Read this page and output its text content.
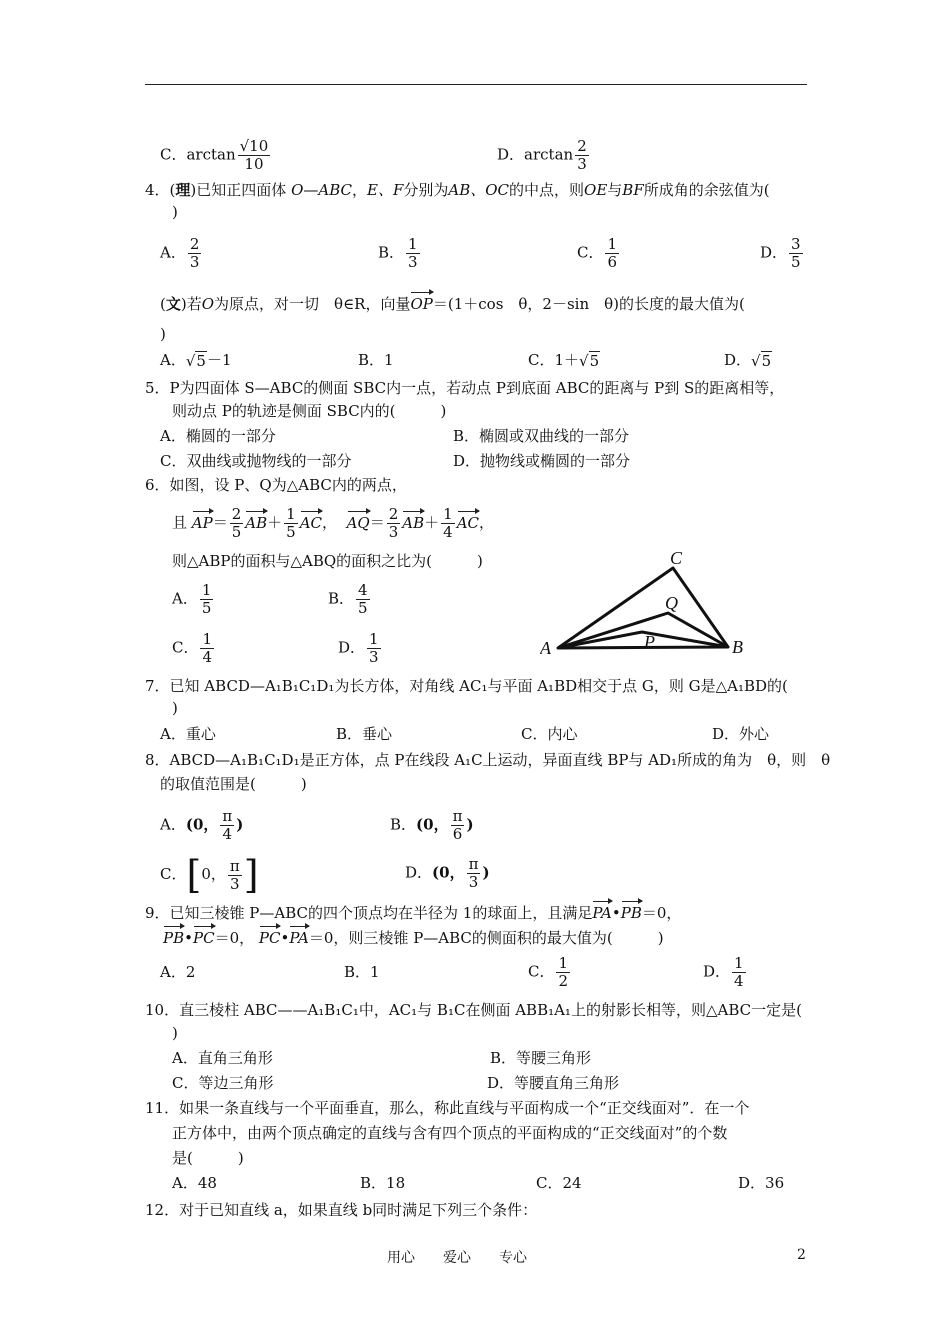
C．$\arctan \frac{√10}{10}$	D．$\arctan \frac{2}{3}$
4．(理)已知正四面体 O—ABC，E、F分别为AB、OC的中点，则OE与BF所成角的余弦值为(
)
A． $\frac{2}{3}$	B． $\frac{1}{3}$	C． $\frac{1}{6}$	D． $\frac{3}{5}$
(文)若O为原点，对一切　θ∈R，向量OP＝(1＋cos　θ，2－sin　θ)的长度的最大值为(
)
A．√5－1	B．1	C．1＋√5	D．√5
5．P为四面体 S—ABC的侧面 SBC内一点，若动点 P到底面 ABC的距离与 P到 S的距离相等，
则动点 P的轨迹是侧面 SBC内的(　　　)
A．椭圆的一部分	B．椭圆或双曲线的一部分
C．双曲线或抛物线的一部分	D．抛物线或椭圆的一部分
6．如图，设 P、Q为△ABC内的两点，
且 $AP= \frac{2}{5} AB+ \frac{1}{5}$ AC， $AQ= \frac{2}{3} AB+ \frac{1}{4}$ AC，
则△ABP的面积与△ABQ的面积之比为(　　　)
A． $\frac{1}{5}$	B． $\frac{4}{5}$
C． $\frac{1}{4}$	D． $\frac{1}{3}$	A	B
C
P
Q
7．已知 ABCD—A₁B₁C₁D₁为长方体，对角线 AC₁与平面 A₁BD相交于点 G，则 G是△A₁BD的(
)
A．重心	B．垂心	C．内心	D．外心
8．ABCD—A₁B₁C₁D₁是正方体，点 P在线段 A₁C上运动，异面直线 BP与 AD₁所成的角为　θ，则　θ
的取值范围是(　　　)
A．(0， $\frac{\pi}{4}$ )	B．(0， $\frac{\pi}{6}$ )
C．[0， $\frac{\pi}{3}$ ]	D．(0， $\frac{\pi}{3}$ )
9．已知三棱锥 P—ABC的四个顶点均在半径为 1的球面上，且满足PA•PB＝0，
PB•PC＝0， PC•PA＝0，则三棱锥 P—ABC的侧面积的最大值为(　　　)
A．2	B．1	C． $\frac{1}{2}$	D． $\frac{1}{4}$
10．直三棱柱 ABC——A₁B₁C₁中，AC₁与 B₁C在侧面 ABB₁A₁上的射影长相等，则△ABC一定是(
)
A．直角三角形	B．等腰三角形
C．等边三角形	D．等腰直角三角形
11．如果一条直线与一个平面垂直，那么，称此直线与平面构成一个“正交线面对”．在一个
正方体中，由两个顶点确定的直线与含有四个顶点的平面构成的“正交线面对”的个数
是(　　　)
A．48	B．18	C．24	D．36
12．对于已知直线 a，如果直线 b同时满足下列三个条件：
用心　　爱心　　专心	2
